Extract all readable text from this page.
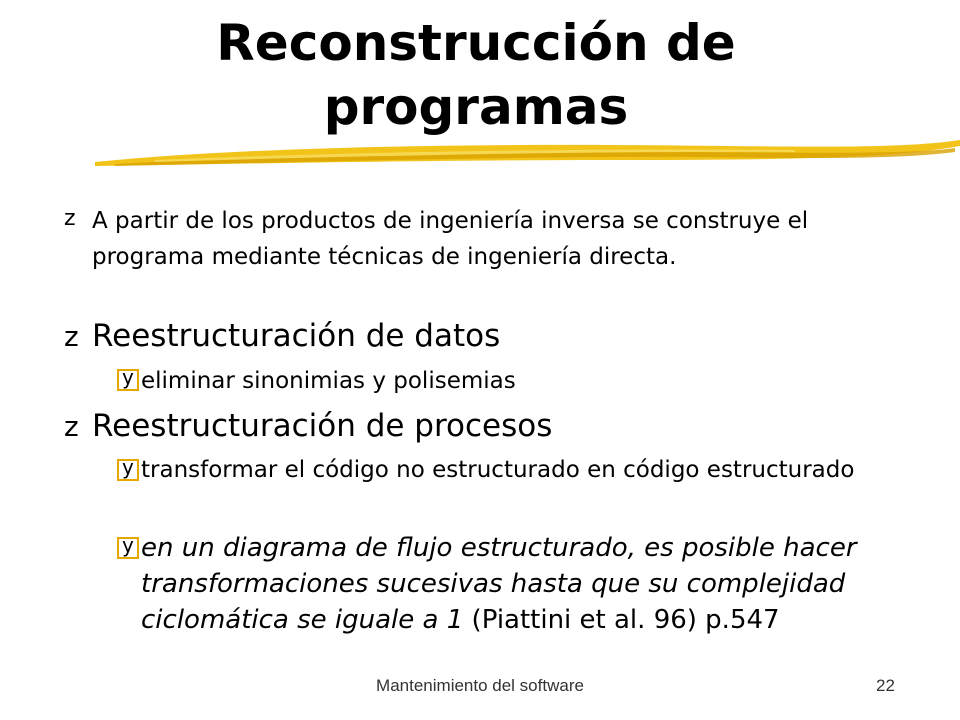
Reconstrucción de
programas
z A partir de los productos de ingeniería inversa se construye el programa mediante técnicas de ingeniería directa.

z Reestructuración de datos

y

eliminar sinonimias y polisemias

z Reestructuración de procesos

y

transformar el código no estructurado en código estructurado

y

en un diagrama de flujo estructurado, es posible hacer transformaciones sucesivas hasta que su complejidad ciclomática se iguale a 1 (Piattini et al. 96) p.547

Mantenimiento del software	22
